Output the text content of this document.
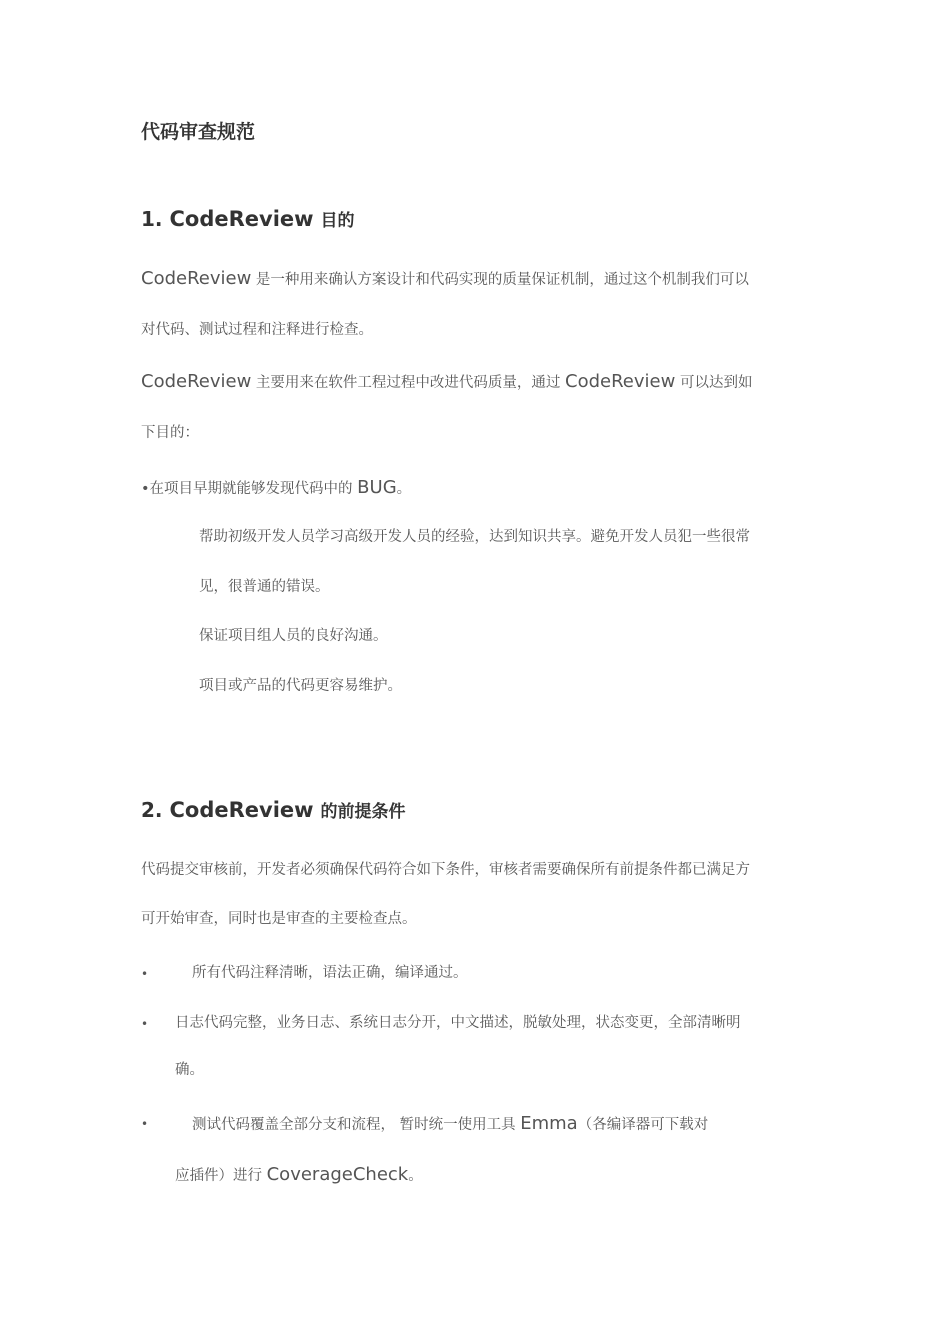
代码审查规范
1. CodeReview 目的
CodeReview 是一种用来确认方案设计和代码实现的质量保证机制，通过这个机制我们可以
对代码、测试过程和注释进行检查。
CodeReview 主要用来在软件工程过程中改进代码质量，通过 CodeReview 可以达到如
下目的：
•在项目早期就能够发现代码中的 BUG。
帮助初级开发人员学习高级开发人员的经验，达到知识共享。避免开发人员犯一些很常
见，很普通的错误。
保证项目组人员的良好沟通。
项目或产品的代码更容易维护。
2. CodeReview 的前提条件
代码提交审核前，开发者必须确保代码符合如下条件，审核者需要确保所有前提条件都已满足方
可开始审查，同时也是审查的主要检查点。
•	所有代码注释清晰，语法正确，编译通过。
• 日志代码完整，业务日志、系统日志分开，中文描述，脱敏处理，状态变更，全部清晰明
确。
•	测试代码覆盖全部分支和流程， 暂时统一使用工具 Emma（各编译器可下载对
应插件）进行 CoverageCheck。
